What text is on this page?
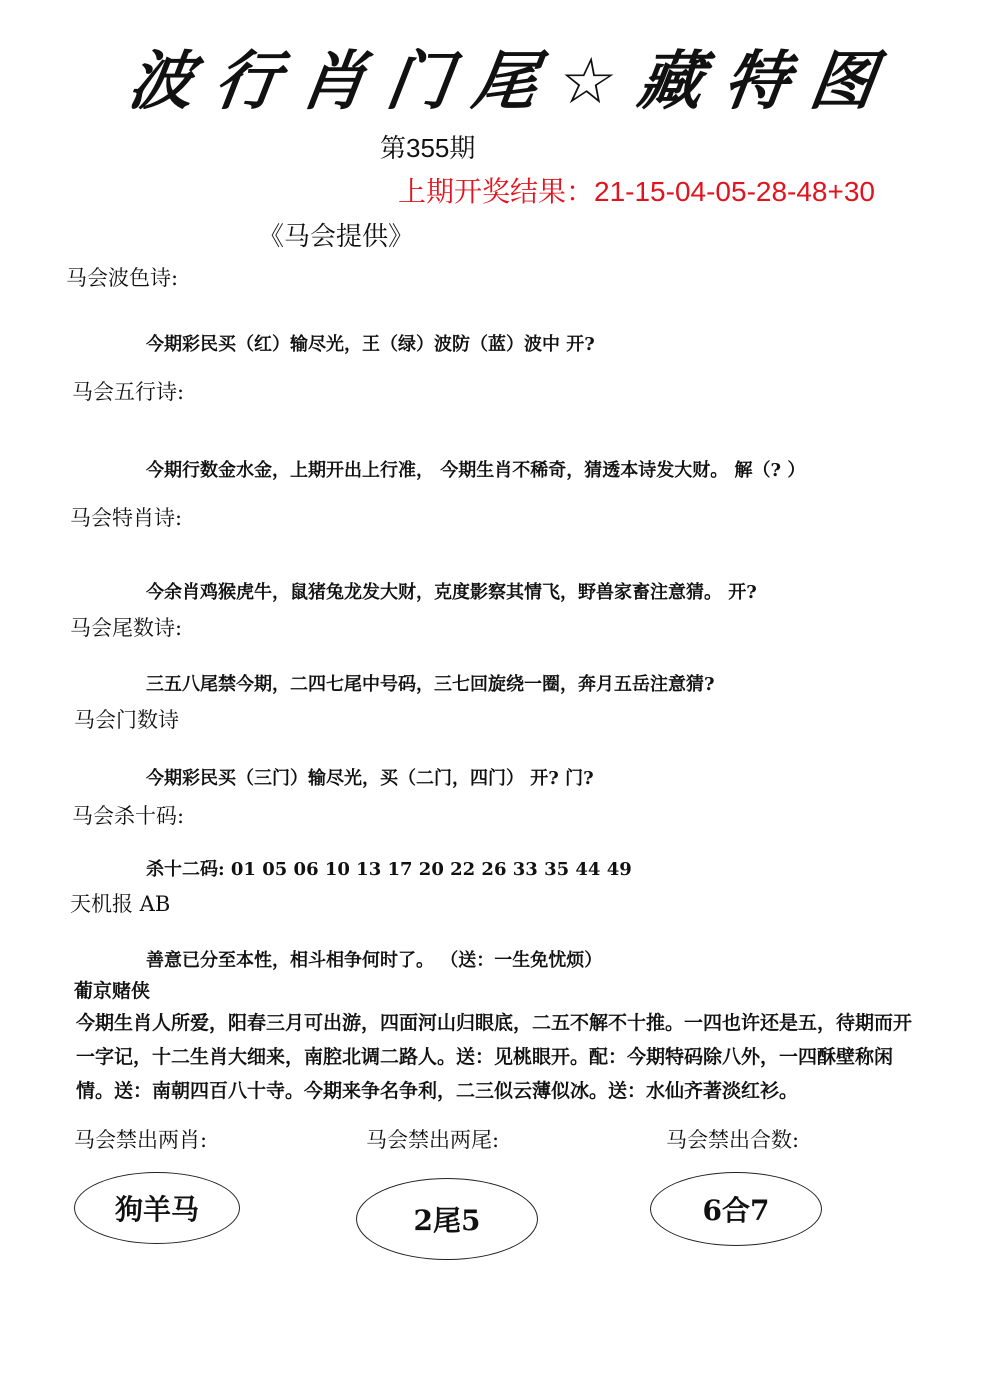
波行肖门尾☆藏特图
第355期
上期开奖结果：21-15-04-05-28-48+30
《马会提供》
马会波色诗:
今期彩民买（红）输尽光，王（绿）波防（蓝）波中 开?
马会五行诗:
今期行数金水金，上期开出上行准， 今期生肖不稀奇，猜透本诗发大财。 解（? ）
马会特肖诗:
今余肖鸡猴虎牛，鼠猪兔龙发大财，克度影察其情飞，野兽家畜注意猜。 开?
马会尾数诗:
三五八尾禁今期，二四七尾中号码，三七回旋绕一圈，奔月五岳注意猜?
马会门数诗
今期彩民买（三门）输尽光，买（二门，四门） 开? 门?
马会杀十码:
杀十二码: 01 05 06 10 13 17 20 22 26 33 35 44 49
天机报 AB
善意已分至本性，相斗相争何时了。 （送：一生免忧烦）
葡京赌侠
今期生肖人所爱，阳春三月可出游，四面河山归眼底，二五不解不十推。一四也许还是五，待期而开一字记，十二生肖大细来，南腔北调二路人。送：见桃眼开。配：今期特码除八外，一四酥壁称闲情。送：南朝四百八十寺。今期来争名争利，二三似云薄似冰。送：水仙齐著淡红衫。
马会禁出两肖:	马会禁出两尾:	马会禁出合数:
狗羊马	2尾5	6合7
